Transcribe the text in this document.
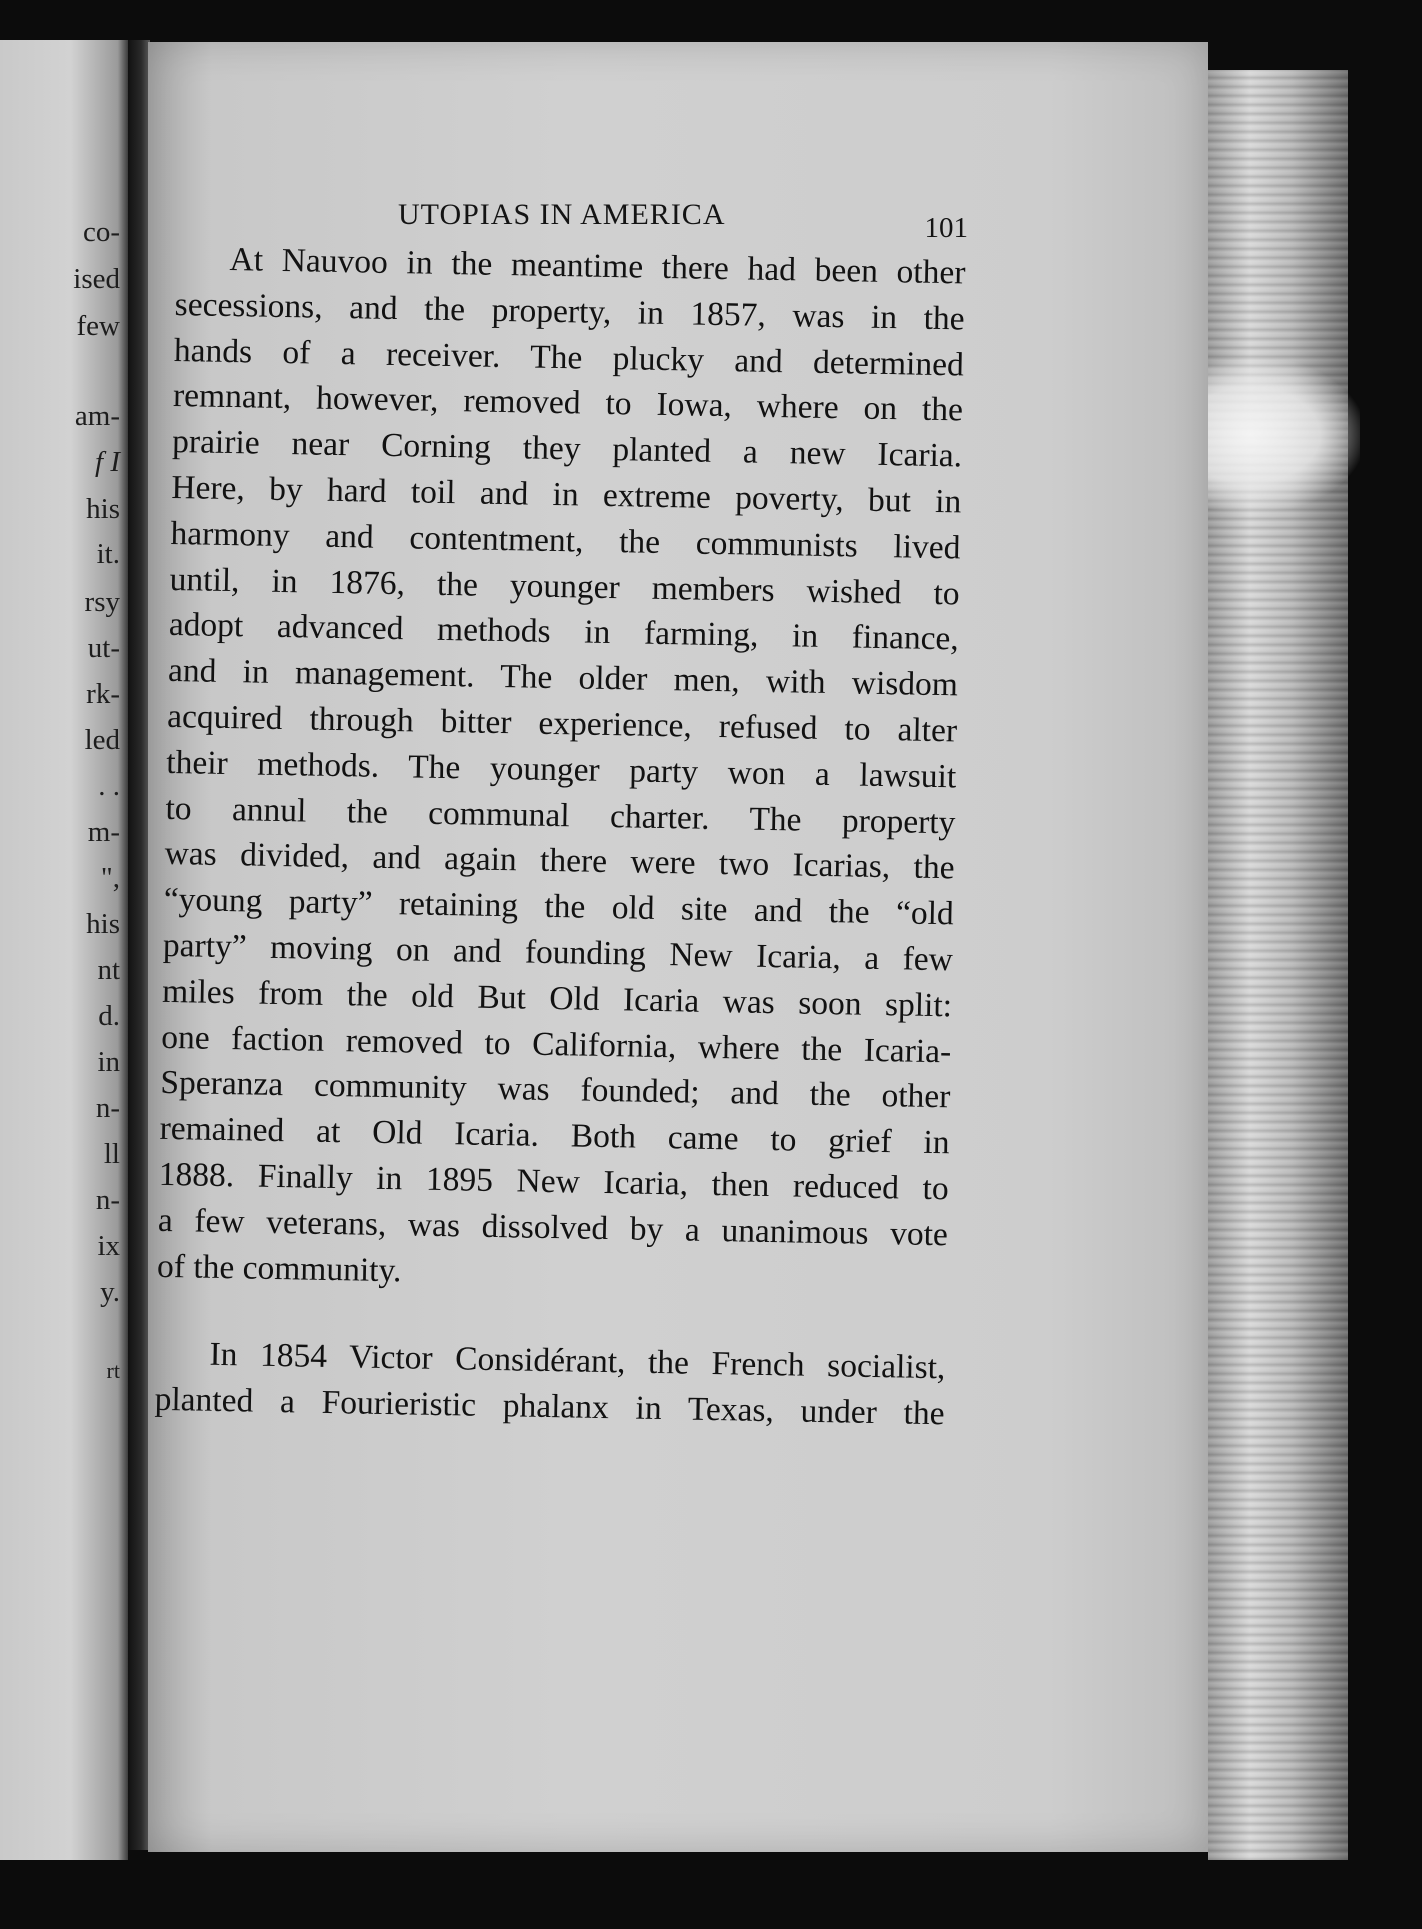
co-
ised
few
am-
f I
his
it.
rsy
ut-
rk-
led
. .
m-
",
his
nt
d.
in
n-
ll
n-
ix
y.
rt
UTOPIAS IN AMERICA	101
At Nauvoo in the meantime there had been other
secessions, and the property, in 1857, was in the
hands of a receiver. The plucky and determined
remnant, however, removed to Iowa, where on the
prairie near Corning they planted a new Icaria.
Here, by hard toil and in extreme poverty, but in
harmony and contentment, the communists lived
until, in 1876, the younger members wished to
adopt advanced methods in farming, in finance,
and in management. The older men, with wisdom
acquired through bitter experience, refused to alter
their methods. The younger party won a lawsuit
to annul the communal charter. The property
was divided, and again there were two Icarias, the
“young party” retaining the old site and the “old
party” moving on and founding New Icaria, a few
miles from the old But Old Icaria was soon split:
one faction removed to California, where the Icaria-
Speranza community was founded; and the other
remained at Old Icaria. Both came to grief in
1888. Finally in 1895 New Icaria, then reduced to
a few veterans, was dissolved by a unanimous vote
of the community.
In 1854 Victor Considérant, the French socialist,
planted a Fourieristic phalanx in Texas, under the
